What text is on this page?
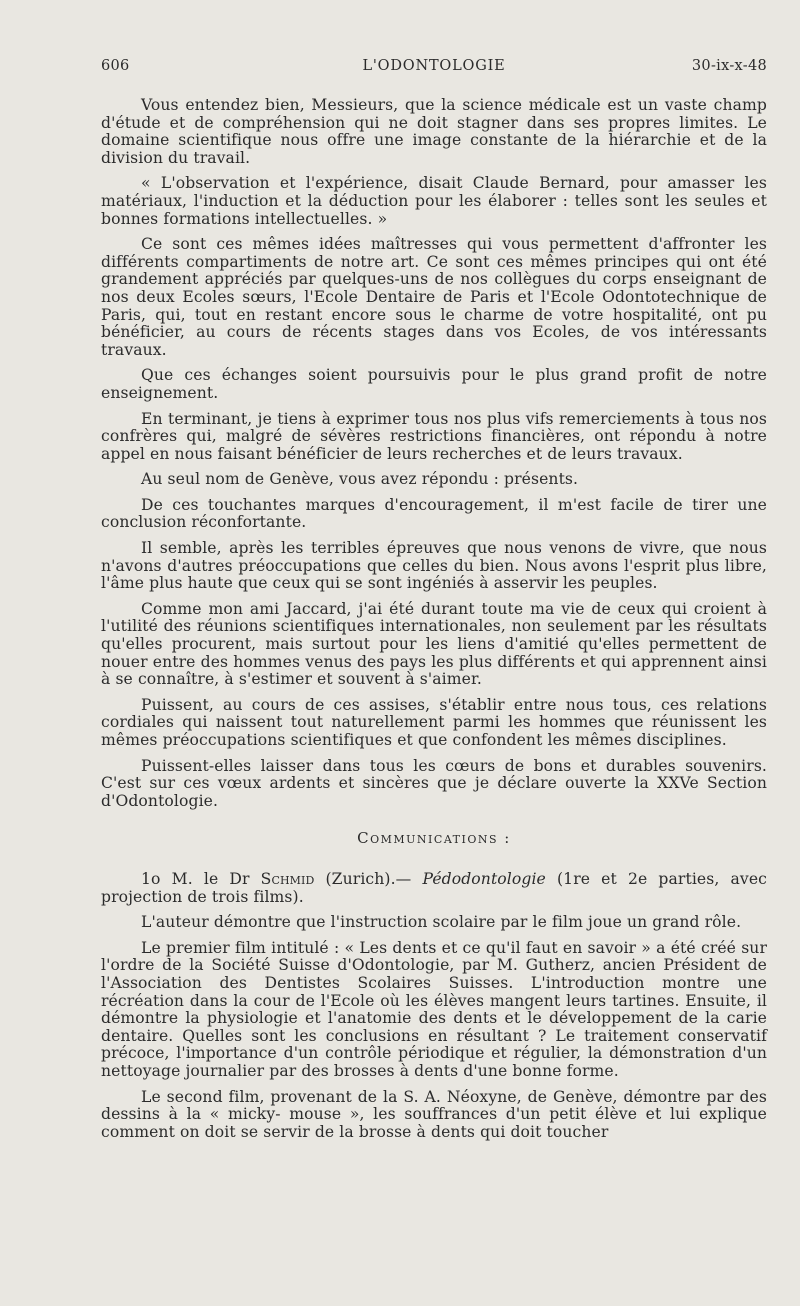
606	L'ODONTOLOGIE	30-ix-x-48

Vous entendez bien, Messieurs, que la science médicale est un vaste champ d'étude et de compréhension qui ne doit stagner dans ses propres limites. Le domaine scientifique nous offre une image constante de la hiérarchie et de la division du travail.

« L'observation et l'expérience, disait Claude Bernard, pour amasser les matériaux, l'induction et la déduction pour les élaborer : telles sont les seules et bonnes formations intellectuelles. »

Ce sont ces mêmes idées maîtresses qui vous permettent d'affronter les différents compartiments de notre art. Ce sont ces mêmes principes qui ont été grandement appréciés par quelques-uns de nos collègues du corps enseignant de nos deux Ecoles sœurs, l'Ecole Dentaire de Paris et l'Ecole Odontotechnique de Paris, qui, tout en restant encore sous le charme de votre hospitalité, ont pu bénéficier, au cours de récents stages dans vos Ecoles, de vos intéressants travaux.

Que ces échanges soient poursuivis pour le plus grand profit de notre enseignement.

En terminant, je tiens à exprimer tous nos plus vifs remerciements à tous nos confrères qui, malgré de sévères restrictions financières, ont répondu à notre appel en nous faisant bénéficier de leurs recherches et de leurs travaux.

Au seul nom de Genève, vous avez répondu : présents.

De ces touchantes marques d'encouragement, il m'est facile de tirer une conclusion réconfortante.

Il semble, après les terribles épreuves que nous venons de vivre, que nous n'avons d'autres préoccupations que celles du bien. Nous avons l'esprit plus libre, l'âme plus haute que ceux qui se sont ingéniés à asservir les peuples.

Comme mon ami Jaccard, j'ai été durant toute ma vie de ceux qui croient à l'utilité des réunions scientifiques internationales, non seulement par les résultats qu'elles procurent, mais surtout pour les liens d'amitié qu'elles permettent de nouer entre des hommes venus des pays les plus différents et qui apprennent ainsi à se connaître, à s'estimer et souvent à s'aimer.

Puissent, au cours de ces assises, s'établir entre nous tous, ces relations cordiales qui naissent tout naturellement parmi les hommes que réunissent les mêmes préoccupations scientifiques et que confondent les mêmes disciplines.

Puissent-elles laisser dans tous les cœurs de bons et durables souvenirs. C'est sur ces vœux ardents et sincères que je déclare ouverte la XXVe Section d'Odontologie.

Communications :

1o M. le Dr Schmid (Zurich).— Pédodontologie (1re et 2e parties, avec projection de trois films).

L'auteur démontre que l'instruction scolaire par le film joue un grand rôle.

Le premier film intitulé : « Les dents et ce qu'il faut en savoir » a été créé sur l'ordre de la Société Suisse d'Odontologie, par M. Gutherz, ancien Président de l'Association des Dentistes Scolaires Suisses. L'introduction montre une récréation dans la cour de l'Ecole où les élèves mangent leurs tartines. Ensuite, il démontre la physiologie et l'anatomie des dents et le développement de la carie dentaire. Quelles sont les conclusions en résultant ? Le traitement conservatif précoce, l'importance d'un contrôle périodique et régulier, la démonstration d'un nettoyage journalier par des brosses à dents d'une bonne forme.

Le second film, provenant de la S. A. Néoxyne, de Genève, démontre par des dessins à la « micky- mouse », les souffrances d'un petit élève et lui explique comment on doit se servir de la brosse à dents qui doit toucher
